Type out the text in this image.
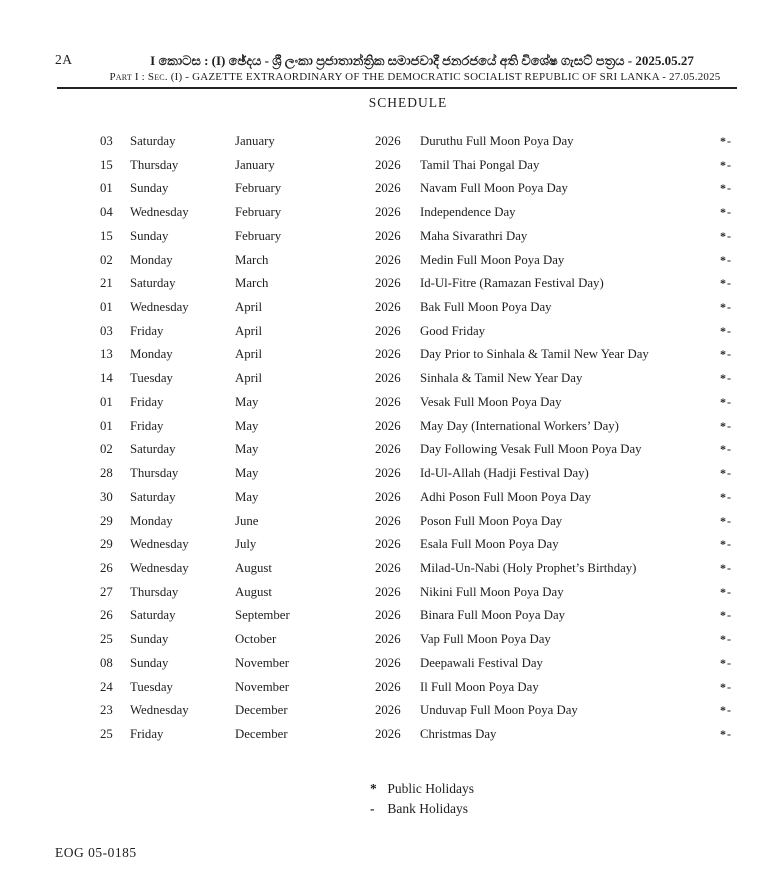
2A	I කොටස : (I) ඡේදය - ශ්‍රී ලංකා ප්‍රජාතාන්ත්‍රික සමාජවාදී ජනරජයේ අති විශේෂ ගැසට් පත්‍රය - 2025.05.27
Part I : Sec. (I) - GAZETTE EXTRAORDINARY OF THE DEMOCRATIC SOCIALIST REPUBLIC OF SRI LANKA - 27.05.2025
SCHEDULE
03	Saturday	January	2026	Duruthu Full Moon Poya Day	*-
15	Thursday	January	2026	Tamil Thai Pongal Day	*-
01	Sunday	February	2026	Navam Full Moon Poya Day	*-
04	Wednesday	February	2026	Independence Day	*-
15	Sunday	February	2026	Maha Sivarathri Day	*-
02	Monday	March	2026	Medin Full Moon Poya Day	*-
21	Saturday	March	2026	Id-Ul-Fitre (Ramazan Festival Day)	*-
01	Wednesday	April	2026	Bak Full Moon Poya Day	*-
03	Friday	April	2026	Good Friday	*-
13	Monday	April	2026	Day Prior to Sinhala & Tamil New Year Day	*-
14	Tuesday	April	2026	Sinhala & Tamil New Year Day	*-
01	Friday	May	2026	Vesak Full Moon Poya Day	*-
01	Friday	May	2026	May Day (International Workers’ Day)	*-
02	Saturday	May	2026	Day Following Vesak Full Moon Poya Day	*-
28	Thursday	May	2026	Id-Ul-Allah (Hadji Festival Day)	*-
30	Saturday	May	2026	Adhi Poson Full Moon Poya Day	*-
29	Monday	June	2026	Poson Full Moon Poya Day	*-
29	Wednesday	July	2026	Esala Full Moon Poya Day	*-
26	Wednesday	August	2026	Milad-Un-Nabi (Holy Prophet’s Birthday)	*-
27	Thursday	August	2026	Nikini Full Moon Poya Day	*-
26	Saturday	September	2026	Binara Full Moon Poya Day	*-
25	Sunday	October	2026	Vap Full Moon Poya Day	*-
08	Sunday	November	2026	Deepawali Festival Day	*-
24	Tuesday	November	2026	Il Full Moon Poya Day	*-
23	Wednesday	December	2026	Unduvap Full Moon Poya Day	*-
25	Friday	December	2026	Christmas Day	*-
* Public Holidays
- Bank Holidays
EOG 05-0185
